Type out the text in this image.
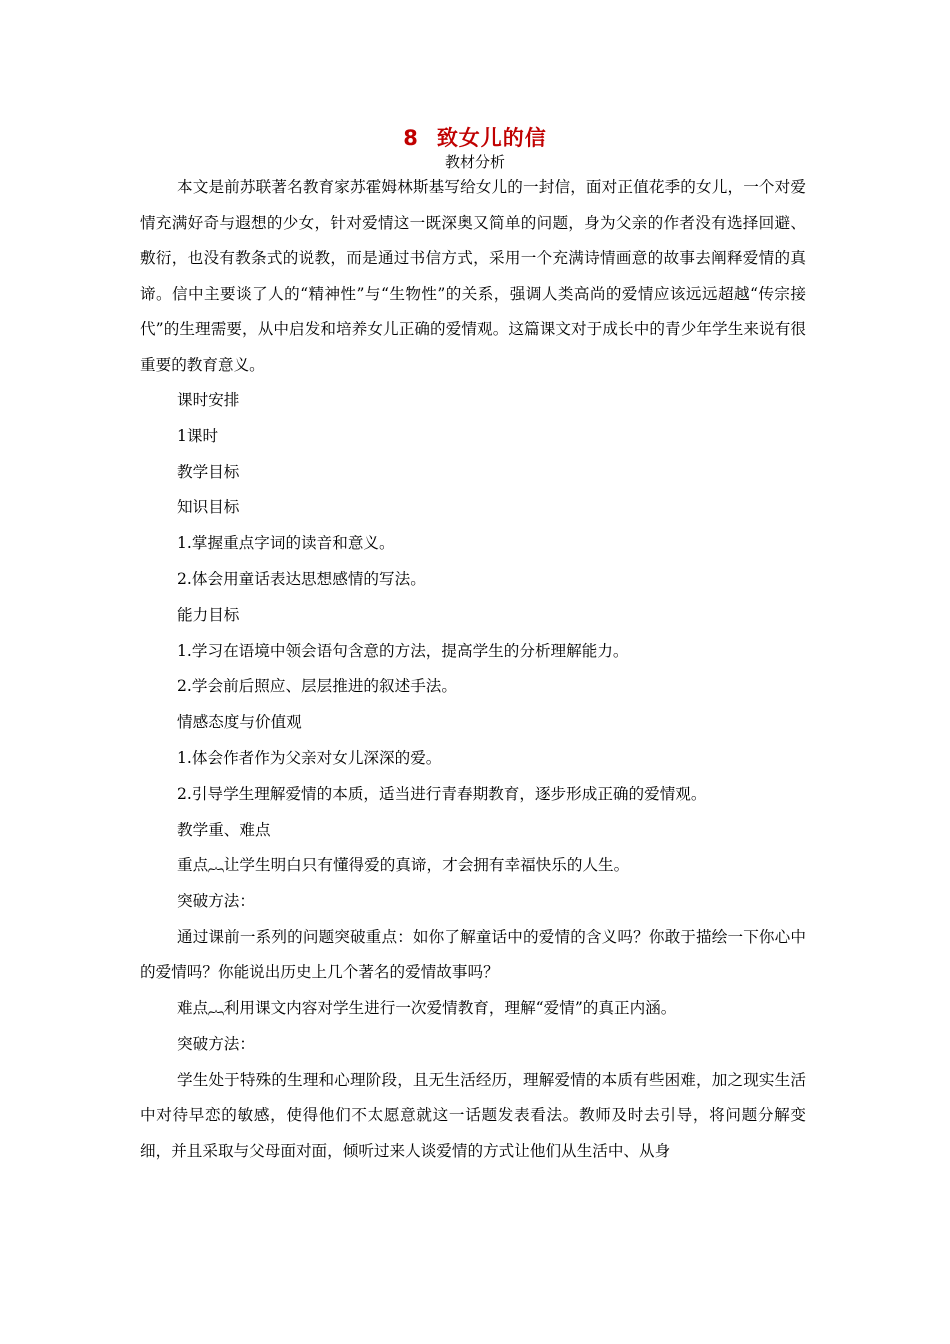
8 致女儿的信
教材分析

本文是前苏联著名教育家苏霍姆林斯基写给女儿的一封信，面对正值花季的女儿，一个对爱情充满好奇与遐想的少女，针对爱情这一既深奥又简单的问题，身为父亲的作者没有选择回避、敷衍，也没有教条式的说教，而是通过书信方式，采用一个充满诗情画意的故事去阐释爱情的真谛。信中主要谈了人的“精神性”与“生物性”的关系，强调人类高尚的爱情应该远远超越“传宗接代”的生理需要，从中启发和培养女儿正确的爱情观。这篇课文对于成长中的青少年学生来说有很重要的教育意义。

课时安排

1课时

教学目标

知识目标

1.掌握重点字词的读音和意义。

2.体会用童话表达思想感情的写法。

能力目标

1.学习在语境中领会语句含意的方法，提高学生的分析理解能力。

2.学会前后照应、层层推进的叙述手法。

情感态度与价值观

1.体会作者作为父亲对女儿深深的爱。

2.引导学生理解爱情的本质，适当进行青春期教育，逐步形成正确的爱情观。

教学重、难点

重点︷让学生明白只有懂得爱的真谛，才会拥有幸福快乐的人生。

突破方法：

通过课前一系列的问题突破重点：如你了解童话中的爱情的含义吗？你敢于描绘一下你心中的爱情吗？你能说出历史上几个著名的爱情故事吗？

难点︷利用课文内容对学生进行一次爱情教育，理解“爱情”的真正内涵。

突破方法：

学生处于特殊的生理和心理阶段，且无生活经历，理解爱情的本质有些困难，加之现实生活中对待早恋的敏感，使得他们不太愿意就这一话题发表看法。教师及时去引导，将问题分解变细，并且采取与父母面对面，倾听过来人谈爱情的方式让他们从生活中、从身
